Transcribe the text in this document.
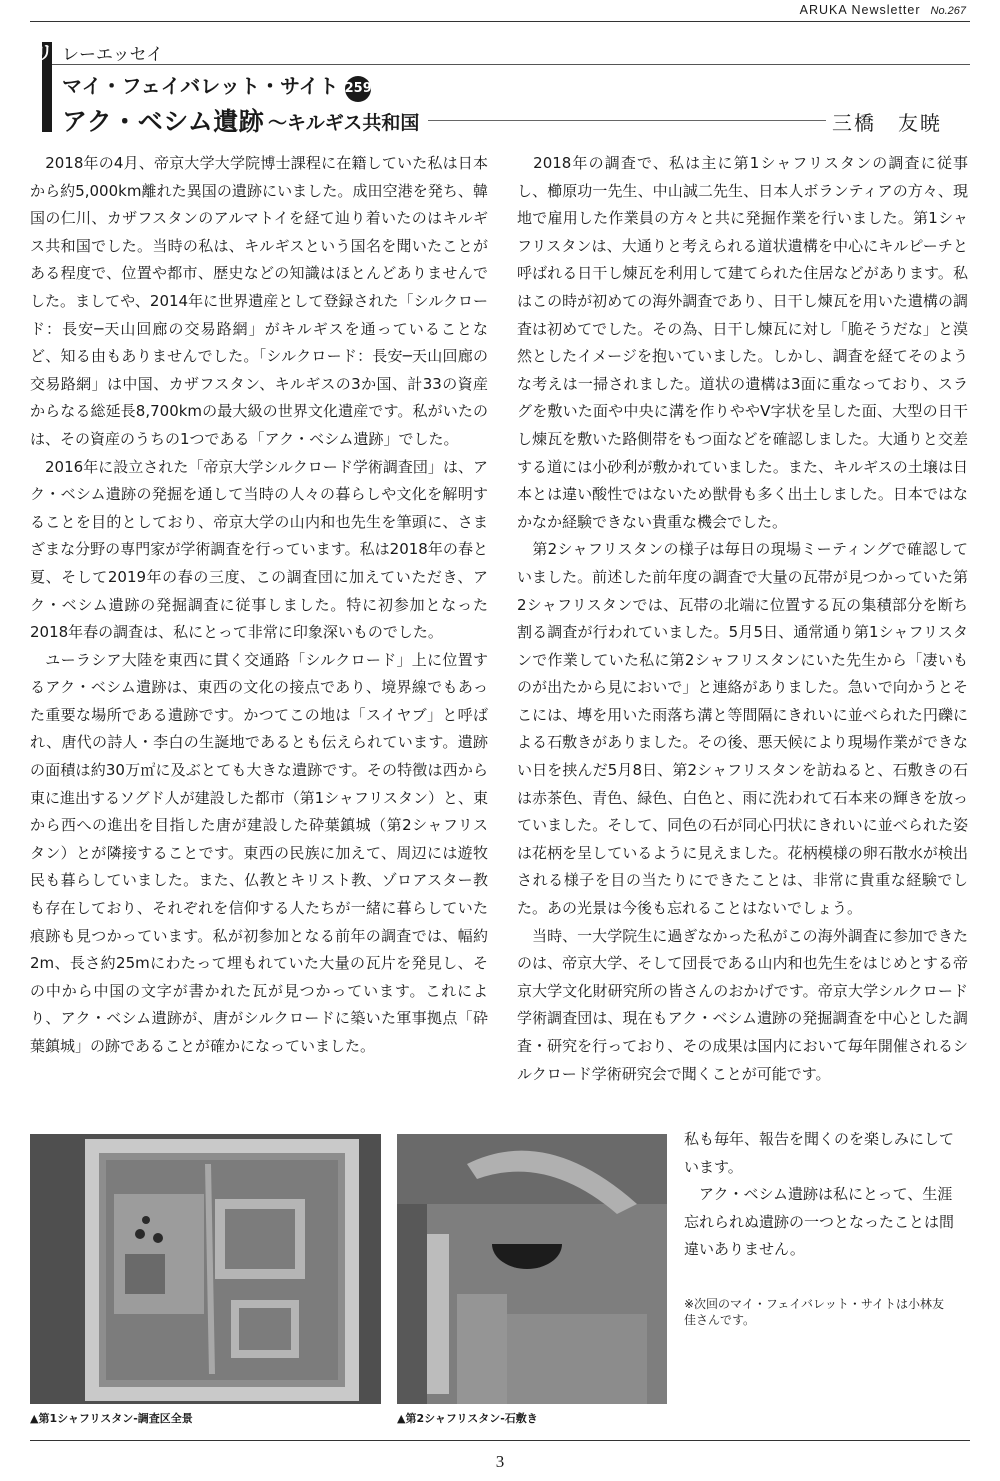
ARUKA Newsletter No.267
リ レーエッセイ
マイ・フェイバレット・サイト 259
アク・ベシム遺跡 ～キルギス共和国	三橋　友暁

　2018年の4月、帝京大学大学院博士課程に在籍していた私は日本から約5,000km離れた異国の遺跡にいました。成田空港を発ち、韓国の仁川、カザフスタンのアルマトイを経て辿り着いたのはキルギス共和国でした。当時の私は、キルギスという国名を聞いたことがある程度で、位置や都市、歴史などの知識はほとんどありませんでした。ましてや、2014年に世界遺産として登録された「シルクロード：長安─天山回廊の交易路網」がキルギスを通っていることなど、知る由もありませんでした。「シルクロード：長安─天山回廊の交易路網」は中国、カザフスタン、キルギスの3か国、計33の資産からなる総延長8,700kmの最大級の世界文化遺産です。私がいたのは、その資産のうちの1つである「アク・ベシム遺跡」でした。

　2016年に設立された「帝京大学シルクロード学術調査団」は、アク・ベシム遺跡の発掘を通して当時の人々の暮らしや文化を解明することを目的としており、帝京大学の山内和也先生を筆頭に、さまざまな分野の専門家が学術調査を行っています。私は2018年の春と夏、そして2019年の春の三度、この調査団に加えていただき、アク・ベシム遺跡の発掘調査に従事しました。特に初参加となった2018年春の調査は、私にとって非常に印象深いものでした。

　ユーラシア大陸を東西に貫く交通路「シルクロード」上に位置するアク・ベシム遺跡は、東西の文化の接点であり、境界線でもあった重要な場所である遺跡です。かつてこの地は「スイヤブ」と呼ばれ、唐代の詩人・李白の生誕地であるとも伝えられています。遺跡の面積は約30万㎡に及ぶとても大きな遺跡です。その特徴は西から東に進出するソグド人が建設した都市（第1シャフリスタン）と、東から西への進出を目指した唐が建設した砕葉鎮城（第2シャフリスタン）とが隣接することです。東西の民族に加えて、周辺には遊牧民も暮らしていました。また、仏教とキリスト教、ゾロアスター教も存在しており、それぞれを信仰する人たちが一緒に暮らしていた痕跡も見つかっています。私が初参加となる前年の調査では、幅約2m、長さ約25mにわたって埋もれていた大量の瓦片を発見し、その中から中国の文字が書かれた瓦が見つかっています。これにより、アク・ベシム遺跡が、唐がシルクロードに築いた軍事拠点「砕葉鎮城」の跡であることが確かになっていました。

　2018年の調査で、私は主に第1シャフリスタンの調査に従事し、櫛原功一先生、中山誠二先生、日本人ボランティアの方々、現地で雇用した作業員の方々と共に発掘作業を行いました。第1シャフリスタンは、大通りと考えられる道状遺構を中心にキルピーチと呼ばれる日干し煉瓦を利用して建てられた住居などがあります。私はこの時が初めての海外調査であり、日干し煉瓦を用いた遺構の調査は初めてでした。その為、日干し煉瓦に対し「脆そうだな」と漠然としたイメージを抱いていました。しかし、調査を経てそのような考えは一掃されました。道状の遺構は3面に重なっており、スラグを敷いた面や中央に溝を作りややV字状を呈した面、大型の日干し煉瓦を敷いた路側帯をもつ面などを確認しました。大通りと交差する道には小砂利が敷かれていました。また、キルギスの土壌は日本とは違い酸性ではないため獣骨も多く出土しました。日本ではなかなか経験できない貴重な機会でした。

　第2シャフリスタンの様子は毎日の現場ミーティングで確認していました。前述した前年度の調査で大量の瓦帯が見つかっていた第2シャフリスタンでは、瓦帯の北端に位置する瓦の集積部分を断ち割る調査が行われていました。5月5日、通常通り第1シャフリスタンで作業していた私に第2シャフリスタンにいた先生から「凄いものが出たから見においで」と連絡がありました。急いで向かうとそこには、塼を用いた雨落ち溝と等間隔にきれいに並べられた円礫による石敷きがありました。その後、悪天候により現場作業ができない日を挟んだ5月8日、第2シャフリスタンを訪ねると、石敷きの石は赤茶色、青色、緑色、白色と、雨に洗われて石本来の輝きを放っていました。そして、同色の石が同心円状にきれいに並べられた姿は花柄を呈しているように見えました。花柄模様の卵石散水が検出される様子を目の当たりにできたことは、非常に貴重な経験でした。あの光景は今後も忘れることはないでしょう。

　当時、一大学院生に過ぎなかった私がこの海外調査に参加できたのは、帝京大学、そして団長である山内和也先生をはじめとする帝京大学文化財研究所の皆さんのおかげです。帝京大学シルクロード学術調査団は、現在もアク・ベシム遺跡の発掘調査を中心とした調査・研究を行っており、その成果は国内において毎年開催されるシルクロード学術研究会で聞くことが可能です。

私も毎年、報告を聞くのを楽しみにしています。

　アク・ベシム遺跡は私にとって、生涯忘れられぬ遺跡の一つとなったことは間違いありません。

※次回のマイ・フェイバレット・サイトは小林友佳さんです。
▲第1シャフリスタン-調査区全景	▲第2シャフリスタン-石敷き
3
